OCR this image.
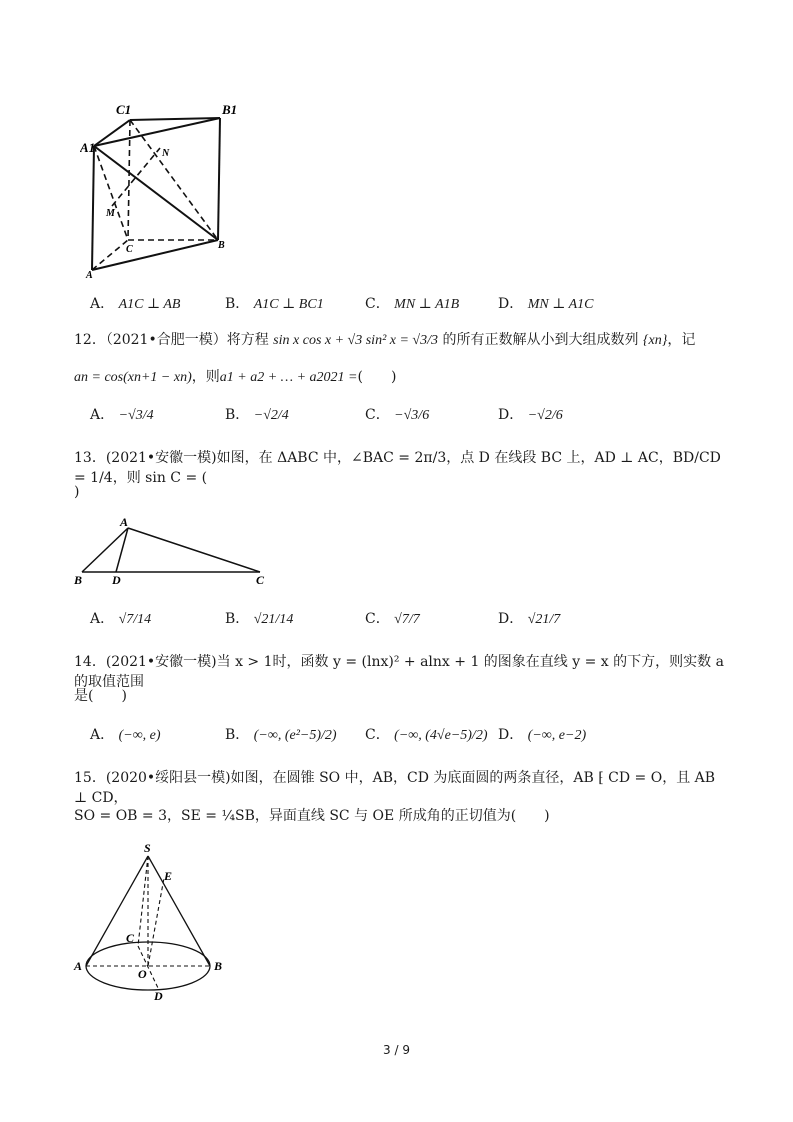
C1	B1
A1	N
M
C	B
A
A． A1C ⊥ AB	B． A1C ⊥ BC1	C． MN ⊥ A1B	D． MN ⊥ A1C
12．（2021•合肥一模）将方程 sin x cos x + √3 sin² x = √3/3 的所有正数解从小到大组成数列 {xn}，记
an = cos(xn+1 − xn)，则a1 + a2 + … + a2021 =(　　)
A． −√3/4	B． −√2/4	C． −√3/6	D． −√2/6
13．(2021•安徽一模)如图，在 ΔABC 中，∠BAC = 2π/3，点 D 在线段 BC 上，AD ⊥ AC，BD/CD = 1/4，则 sin C = (
)
A
B D	C
A． √7/14	B． √21/14	C． √7/7	D． √21/7
14．(2021•安徽一模)当 x > 1时，函数 y = (lnx)² + alnx + 1 的图象在直线 y = x 的下方，则实数 a 的取值范围
是(　　)
A． (−∞, e)	B． (−∞, (e²−5)/2) C． (−∞, (4√e−5)/2) D． (−∞, e−2)
15．(2020•绥阳县一模)如图，在圆锥 SO 中，AB，CD 为底面圆的两条直径，AB ⁅ CD = O，且 AB ⊥ CD，
SO = OB = 3，SE = ¼SB，异面直线 SC 与 OE 所成角的正切值为(　　)
S
E
C
A
O
B
D
3 / 9
